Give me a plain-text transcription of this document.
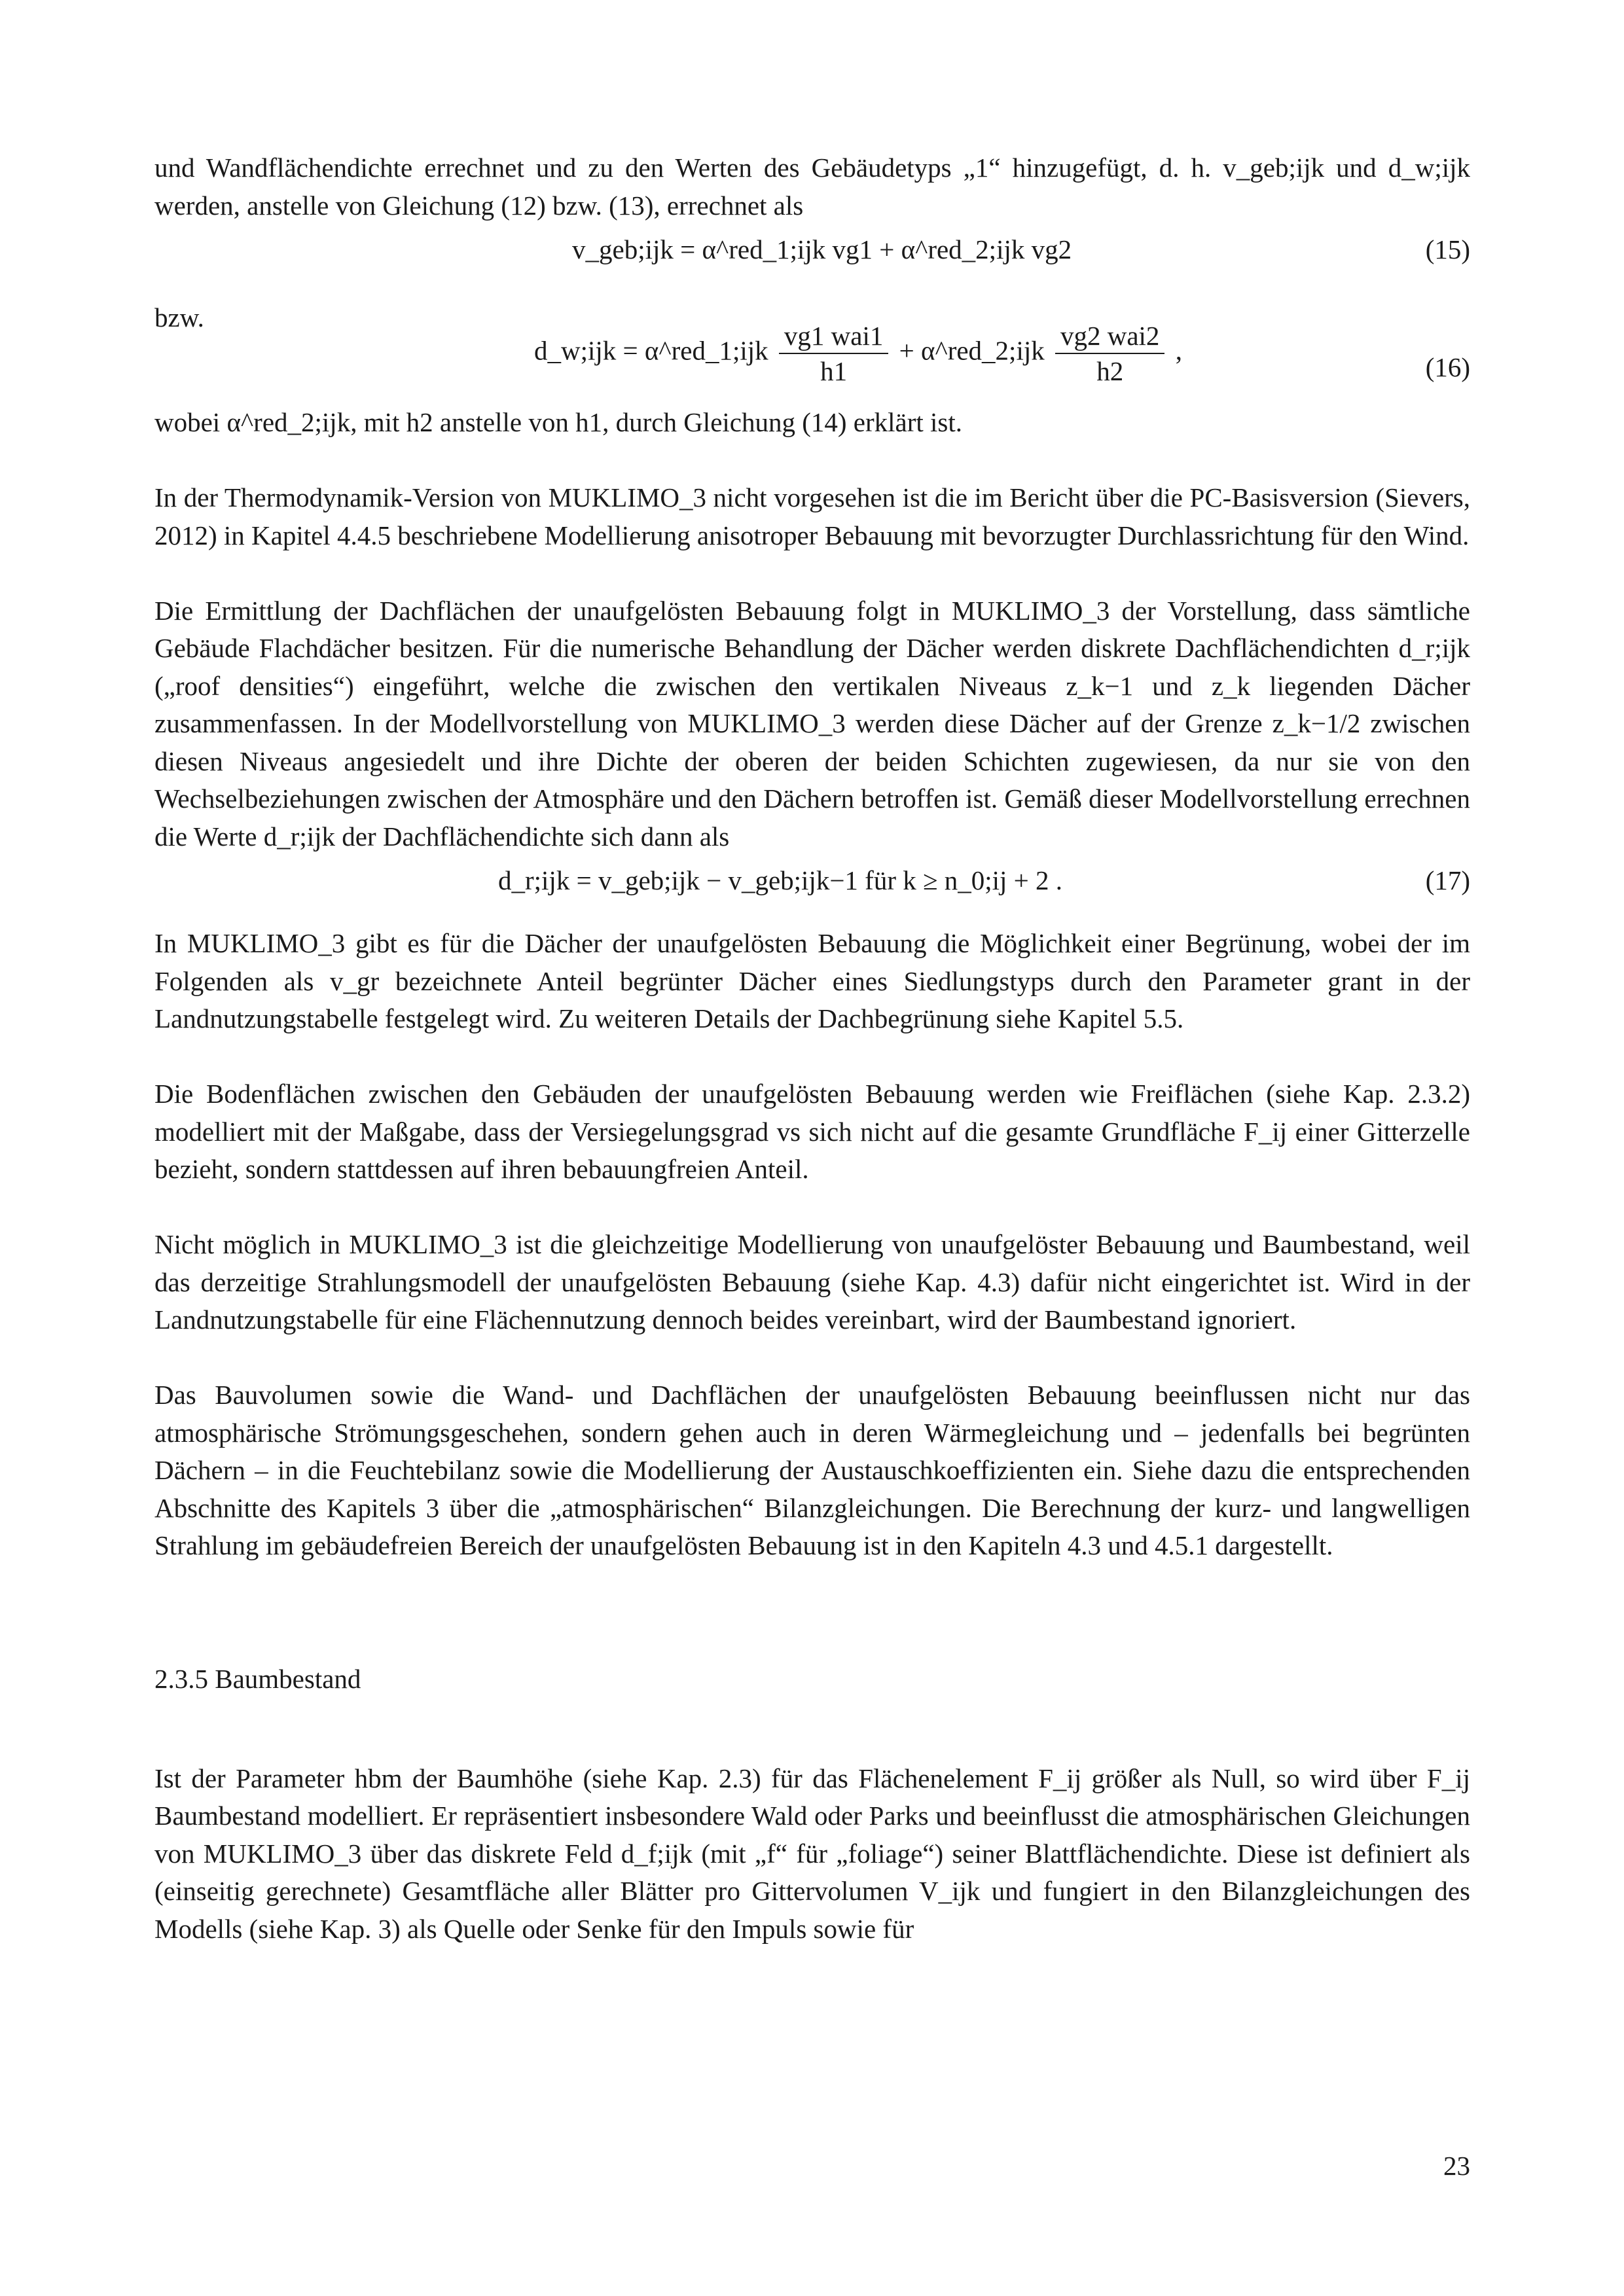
und Wandflächendichte errechnet und zu den Werten des Gebäudetyps „1“ hinzugefügt, d. h. v_geb;ijk und d_w;ijk werden, anstelle von Gleichung (12) bzw. (13), errechnet als

v_geb;ijk = α^red_1;ijk vg1 + α^red_2;ijk vg2	(15)
bzw.
d_w;ijk = α^red_1;ijk $\frac{\text{vg1 wai1}}{h1}$ + α^red_2;ijk $\frac{\text{vg2 wai2}}{h2}$ ,
(16)

wobei α^red_2;ijk, mit h2 anstelle von h1, durch Gleichung (14) erklärt ist.

In der Thermodynamik-Version von MUKLIMO_3 nicht vorgesehen ist die im Bericht über die PC-Basisversion (Sievers, 2012) in Kapitel 4.4.5 beschriebene Modellierung anisotroper Bebauung mit bevorzugter Durchlassrichtung für den Wind.

Die Ermittlung der Dachflächen der unaufgelösten Bebauung folgt in MUKLIMO_3 der Vorstellung, dass sämtliche Gebäude Flachdächer besitzen. Für die numerische Behandlung der Dächer werden diskrete Dachflächendichten d_r;ijk („roof densities“) eingeführt, welche die zwischen den vertikalen Niveaus z_k−1 und z_k liegenden Dächer zusammenfassen. In der Modellvorstellung von MUKLIMO_3 werden diese Dächer auf der Grenze z_k−1/2 zwischen diesen Niveaus angesiedelt und ihre Dichte der oberen der beiden Schichten zugewiesen, da nur sie von den Wechselbeziehungen zwischen der Atmosphäre und den Dächern betroffen ist. Gemäß dieser Modellvorstellung errechnen die Werte d_r;ijk der Dachflächendichte sich dann als

d_r;ijk = v_geb;ijk − v_geb;ijk−1 für k ≥ n_0;ij + 2 .	(17)

In MUKLIMO_3 gibt es für die Dächer der unaufgelösten Bebauung die Möglichkeit einer Begrünung, wobei der im Folgenden als v_gr bezeichnete Anteil begrünter Dächer eines Siedlungstyps durch den Parameter grant in der Landnutzungstabelle festgelegt wird. Zu weiteren Details der Dachbegrünung siehe Kapitel 5.5.

Die Bodenflächen zwischen den Gebäuden der unaufgelösten Bebauung werden wie Freiflächen (siehe Kap. 2.3.2) modelliert mit der Maßgabe, dass der Versiegelungsgrad vs sich nicht auf die gesamte Grundfläche F_ij einer Gitterzelle bezieht, sondern stattdessen auf ihren bebauungfreien Anteil.

Nicht möglich in MUKLIMO_3 ist die gleichzeitige Modellierung von unaufgelöster Bebauung und Baumbestand, weil das derzeitige Strahlungsmodell der unaufgelösten Bebauung (siehe Kap. 4.3) dafür nicht eingerichtet ist. Wird in der Landnutzungstabelle für eine Flächennutzung dennoch beides vereinbart, wird der Baumbestand ignoriert.

Das Bauvolumen sowie die Wand- und Dachflächen der unaufgelösten Bebauung beeinflussen nicht nur das atmosphärische Strömungsgeschehen, sondern gehen auch in deren Wärmegleichung und – jedenfalls bei begrünten Dächern – in die Feuchtebilanz sowie die Modellierung der Austauschkoeffizienten ein. Siehe dazu die entsprechenden Abschnitte des Kapitels 3 über die „atmosphärischen“ Bilanzgleichungen. Die Berechnung der kurz- und langwelligen Strahlung im gebäudefreien Bereich der unaufgelösten Bebauung ist in den Kapiteln 4.3 und 4.5.1 dargestellt.

2.3.5 Baumbestand

Ist der Parameter hbm der Baumhöhe (siehe Kap. 2.3) für das Flächenelement F_ij größer als Null, so wird über F_ij Baumbestand modelliert. Er repräsentiert insbesondere Wald oder Parks und beeinflusst die atmosphärischen Gleichungen von MUKLIMO_3 über das diskrete Feld d_f;ijk (mit „f“ für „foliage“) seiner Blattflächendichte. Diese ist definiert als (einseitig gerechnete) Gesamtfläche aller Blätter pro Gittervolumen V_ijk und fungiert in den Bilanzgleichungen des Modells (siehe Kap. 3) als Quelle oder Senke für den Impuls sowie für

23
